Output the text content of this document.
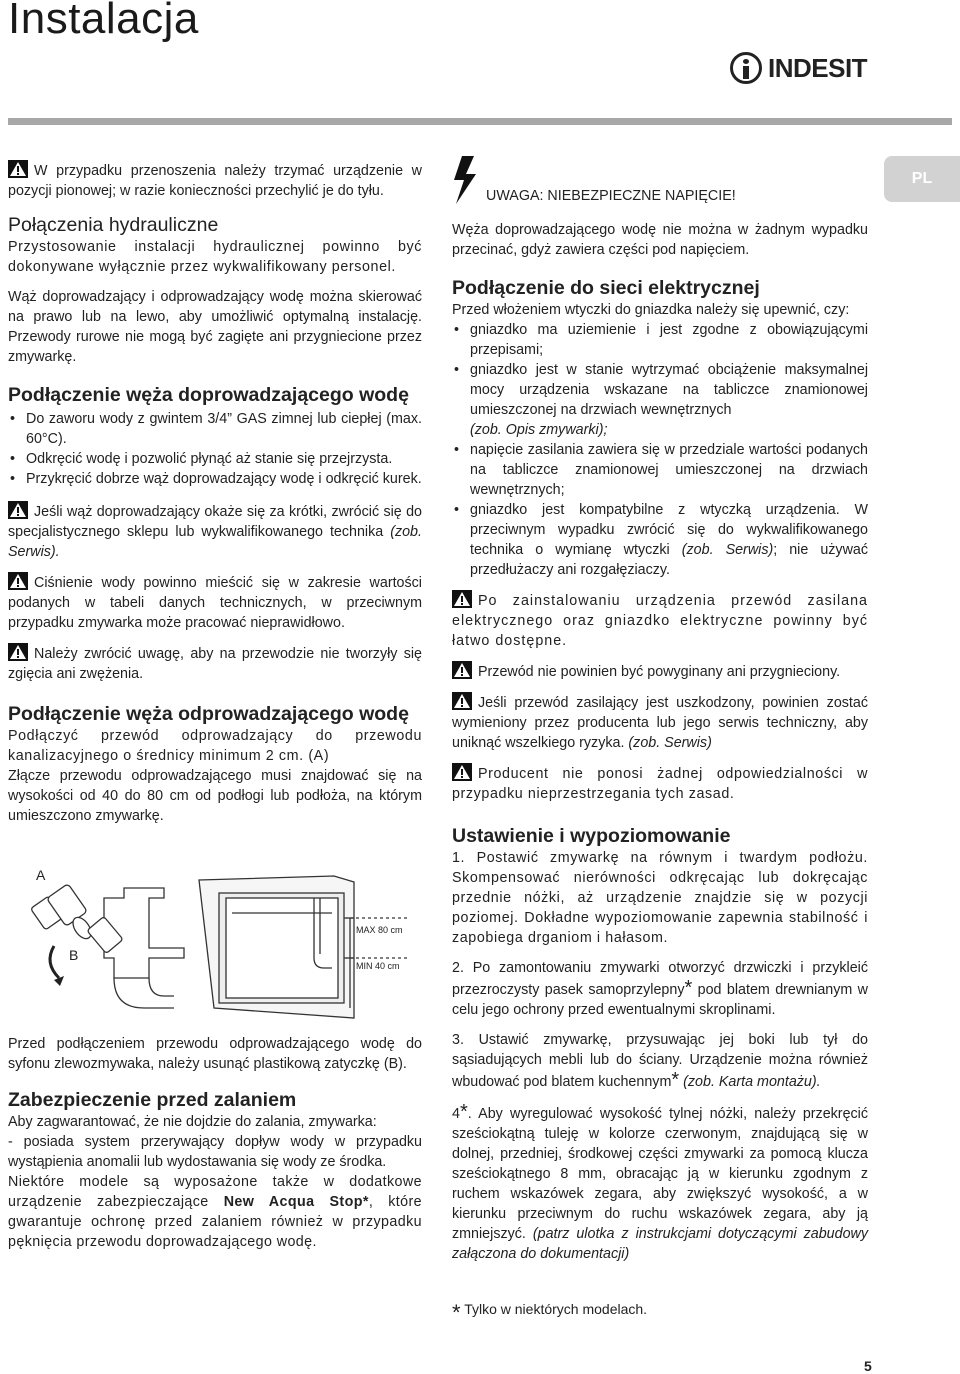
Instalacja
INDESIT
PL

W przypadku przenoszenia należy trzymać urządzenie w pozycji pionowej; w razie konieczności przechylić je do tyłu.

Połączenia hydrauliczne

Przystosowanie instalacji hydraulicznej powinno być dokonywane wyłącznie przez wykwalifikowany personel.

Wąż doprowadzający i odprowadzający wodę można skierować na prawo lub na lewo, aby umożliwić optymalną instalację. Przewody rurowe nie mogą być zagięte ani przygniecione przez zmywarkę.

Podłączenie węża doprowadzającego wodę

• Do zaworu wody z gwintem 3/4” GAS zimnej lub ciepłej (max. 60°C).

• Odkręcić wodę i pozwolić płynąć aż stanie się przejrzysta.

• Przykręcić dobrze wąż doprowadzający wodę i odkręcić kurek.

Jeśli wąż doprowadzający okaże się za krótki, zwrócić się do specjalistycznego sklepu lub wykwalifikowanego technika (zob. Serwis).

Ciśnienie wody powinno mieścić się w zakresie wartości podanych w tabeli danych technicznych, w przeciwnym przypadku zmywarka może pracować nieprawidłowo.

Należy zwrócić uwagę, aby na przewodzie nie tworzyły się zgięcia ani zwężenia.

Podłączenie węża odprowadzającego wodę

Podłączyć przewód odprowadzający do przewodu kanalizacyjnego o średnicy minimum 2 cm. (A)

Złącze przewodu odprowadzającego musi znajdować się na wysokości od 40 do 80 cm od podłogi lub podłoża, na którym umieszczono zmywarkę.

A
B
MAX 80 cm
MIN 40 cm

Przed podłączeniem przewodu odprowadzającego wodę do syfonu zlewozmywaka, należy usunąć plastikową zatyczkę (B).

Zabezpieczenie przed zalaniem

Aby zagwarantować, że nie dojdzie do zalania, zmywarka:

- posiada system przerywający dopływ wody w przypadku wystąpienia anomalii lub wydostawania się wody ze środka.

Niektóre modele są wyposażone także w dodatkowe urządzenie zabezpieczające New Acqua Stop*, które gwarantuje ochronę przed zalaniem również w przypadku pęknięcia przewodu doprowadzającego wodę.

UWAGA: NIEBEZPIECZNE NAPIĘCIE!

Węża doprowadzającego wodę nie można w żadnym wypadku przecinać, gdyż zawiera części pod napięciem.

Podłączenie do sieci elektrycznej

Przed włożeniem wtyczki do gniazdka należy się upewnić, czy:

• gniazdko ma uziemienie i jest zgodne z obowiązującymi przepisami;

• gniazdko jest w stanie wytrzymać obciążenie maksymalnej mocy urządzenia wskazane na tabliczce znamionowej umieszczonej na drzwiach wewnętrznych
(zob. Opis zmywarki);

• napięcie zasilania zawiera się w przedziale wartości podanych na tabliczce znamionowej umieszczonej na drzwiach wewnętrznych;

• gniazdko jest kompatybilne z wtyczką urządzenia. W przeciwnym wypadku zwrócić się do wykwalifikowanego technika o wymianę wtyczki (zob. Serwis); nie używać przedłużaczy ani rozgałęziaczy.

Po zainstalowaniu urządzenia przewód zasilana elektrycznego oraz gniazdko elektryczne powinny być łatwo dostępne.

Przewód nie powinien być powyginany ani przygnieciony.

Jeśli przewód zasilający jest uszkodzony, powinien zostać wymieniony przez producenta lub jego serwis techniczny, aby uniknąć wszelkiego ryzyka. (zob. Serwis)

Producent nie ponosi żadnej odpowiedzialności w przypadku nieprzestrzegania tych zasad.

Ustawienie i wypoziomowanie

1. Postawić zmywarkę na równym i twardym podłożu. Skompensować nierówności odkręcając lub dokręcając przednie nóżki, aż urządzenie znajdzie się w pozycji poziomej. Dokładne wypoziomowanie zapewnia stabilność i zapobiega drganiom i hałasom.

2. Po zamontowaniu zmywarki otworzyć drzwiczki i przykleić przezroczysty pasek samoprzylepny* pod blatem drewnianym w celu jego ochrony przed ewentualnymi skroplinami.

3. Ustawić zmywarkę, przysuwając jej boki lub tył do sąsiadujących mebli lub do ściany. Urządzenie można również wbudować pod blatem kuchennym* (zob. Karta montażu).

4*. Aby wyregulować wysokość tylnej nóżki, należy przekręcić sześciokątną tuleję w kolorze czerwonym, znajdującą się w dolnej, przedniej, środkowej części zmywarki za pomocą klucza sześciokątnego 8 mm, obracając ją w kierunku zgodnym z ruchem wskazówek zegara, aby zwiększyć wysokość, a w kierunku przeciwnym do ruchu wskazówek zegara, aby ją zmniejszyć. (patrz ulotka z instrukcjami dotyczącymi zabudowy załączona do dokumentacji)

* Tylko w niektórych modelach.
5
